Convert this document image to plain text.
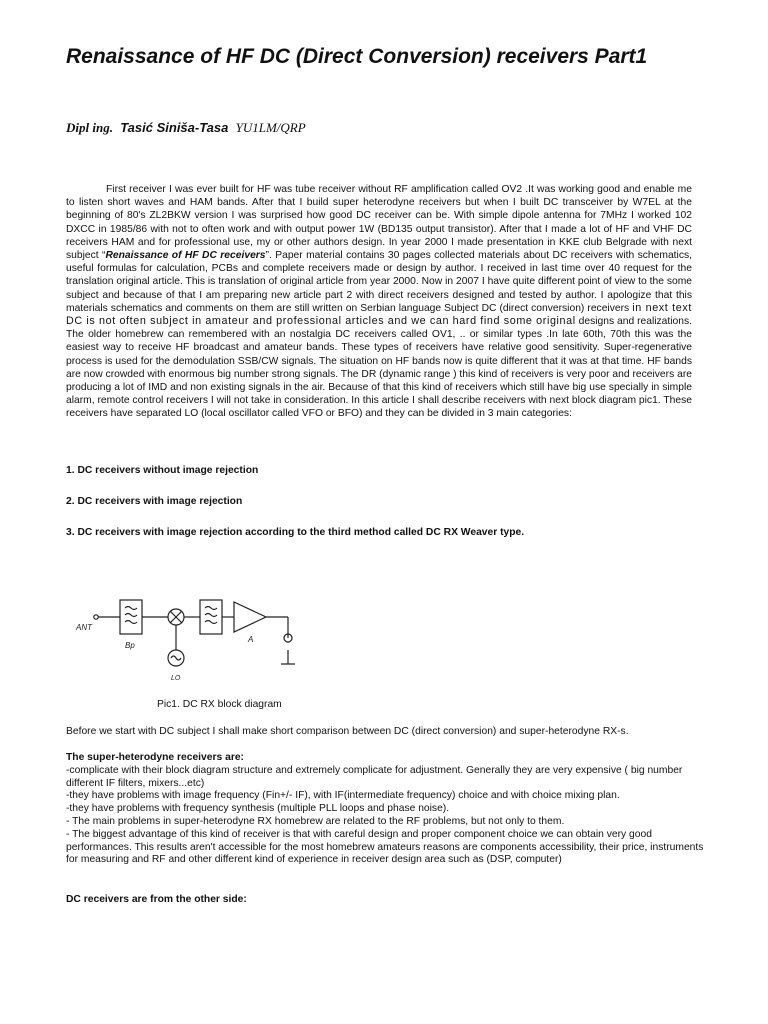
Renaissance of HF DC (Direct Conversion) receivers Part1
Dipl ing. Tasić Siniša-Tasa YU1LM/QRP

First receiver I was ever built for HF was tube receiver without RF amplification called OV2 .It was working good and enable me to listen short waves and HAM bands. After that I build super heterodyne receivers but when I built DC transceiver by W7EL at the beginning of 80's ZL2BKW version I was surprised how good DC receiver can be. With simple dipole antenna for 7MHz I worked 102 DXCC in 1985/86 with not to often work and with output power 1W (BD135 output transistor). After that I made a lot of HF and VHF DC receivers HAM and for professional use, my or other authors design. In year 2000 I made presentation in KKE club Belgrade with next subject “Renaissance of HF DC receivers”. Paper material contains 30 pages collected materials about DC receivers with schematics, useful formulas for calculation, PCBs and complete receivers made or design by author. I received in last time over 40 request for the translation original article. This is translation of original article from year 2000. Now in 2007 I have quite different point of view to the some subject and because of that I am preparing new article part 2 with direct receivers designed and tested by author. I apologize that this materials schematics and comments on them are still written on Serbian language Subject DC (direct conversion) receivers in next text DC is not often subject in amateur and professional articles and we can hard find some original designs and realizations. The older homebrew can remembered with an nostalgia DC receivers called OV1, .. or similar types .In late 60th, 70th this was the easiest way to receive HF broadcast and amateur bands. These types of receivers have relative good sensitivity. Super-regenerative process is used for the demodulation SSB/CW signals. The situation on HF bands now is quite different that it was at that time. HF bands are now crowded with enormous big number strong signals. The DR (dynamic range ) this kind of receivers is very poor and receivers are producing a lot of IMD and non existing signals in the air. Because of that this kind of receivers which still have big use specially in simple alarm, remote control receivers I will not take in consideration. In this article I shall describe receivers with next block diagram pic1. These receivers have separated LO (local oscillator called VFO or BFO) and they can be divided in 3 main categories:

1. DC receivers without image rejection

2. DC receivers with image rejection

3. DC receivers with image rejection according to the third method called DC RX Weaver type.

ANT
Bp
A
LO

Pic1. DC RX block diagram

Before we start with DC subject I shall make short comparison between DC (direct conversion) and super-heterodyne RX-s.

The super-heterodyne receivers are:
-complicate with their block diagram structure and extremely complicate for adjustment. Generally they are very expensive ( big number different IF filters, mixers...etc)
-they have problems with image frequency (Fin+/- IF), with IF(intermediate frequency) choice and with choice mixing plan.
-they have problems with frequency synthesis (multiple PLL loops and phase noise).
- The main problems in super-heterodyne RX homebrew are related to the RF problems, but not only to them.
- The biggest advantage of this kind of receiver is that with careful design and proper component choice we can obtain very good performances. This results aren't accessible for the most homebrew amateurs reasons are components accessibility, their price, instruments for measuring and RF and other different kind of experience in receiver design area such as (DSP, computer)

DC receivers are from the other side:
